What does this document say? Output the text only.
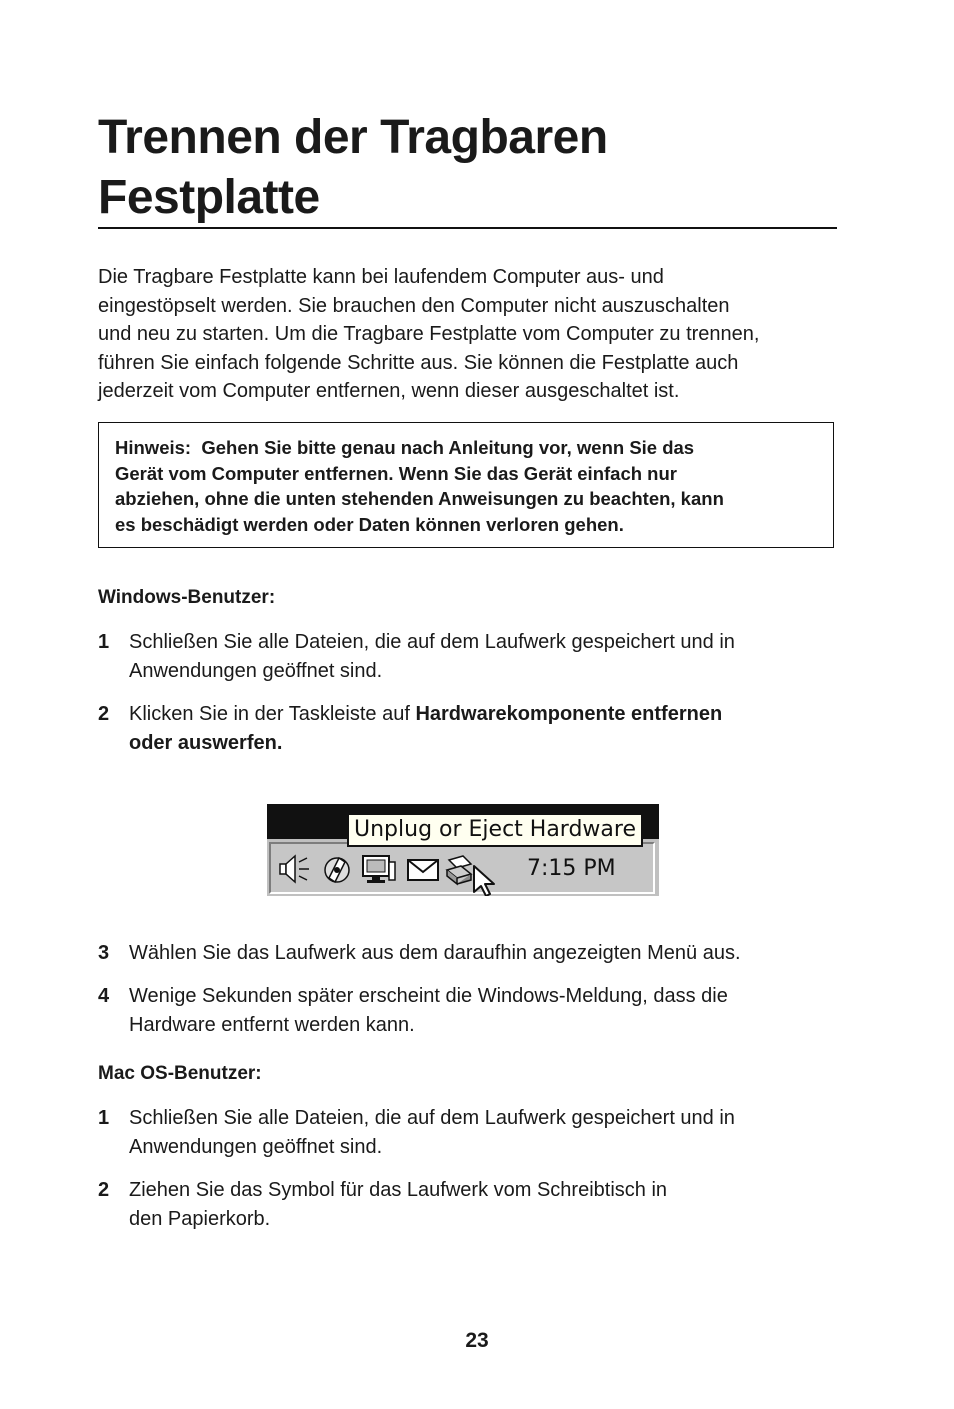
Trennen der Tragbaren
Festplatte

Die Tragbare Festplatte kann bei laufendem Computer aus- und
eingestöpselt werden. Sie brauchen den Computer nicht auszuschalten
und neu zu starten. Um die Tragbare Festplatte vom Computer zu trennen,
führen Sie einfach folgende Schritte aus. Sie können die Festplatte auch
jederzeit vom Computer entfernen, wenn dieser ausgeschaltet ist.

Hinweis:  Gehen Sie bitte genau nach Anleitung vor, wenn Sie das
Gerät vom Computer entfernen. Wenn Sie das Gerät einfach nur
abziehen, ohne die unten stehenden Anweisungen zu beachten, kann
es beschädigt werden oder Daten können verloren gehen.
Windows-Benutzer:
1 Schließen Sie alle Dateien, die auf dem Laufwerk gespeichert und in
Anwendungen geöffnet sind.
2 Klicken Sie in der Taskleiste auf Hardwarekomponente entfernen
oder auswerfen.
7:15 PM
Unplug or Eject Hardware
3 Wählen Sie das Laufwerk aus dem daraufhin angezeigten Menü aus.
4 Wenige Sekunden später erscheint die Windows-Meldung, dass die
Hardware entfernt werden kann.
Mac OS-Benutzer:
1 Schließen Sie alle Dateien, die auf dem Laufwerk gespeichert und in
Anwendungen geöffnet sind.
2 Ziehen Sie das Symbol für das Laufwerk vom Schreibtisch in
den Papierkorb.
23
